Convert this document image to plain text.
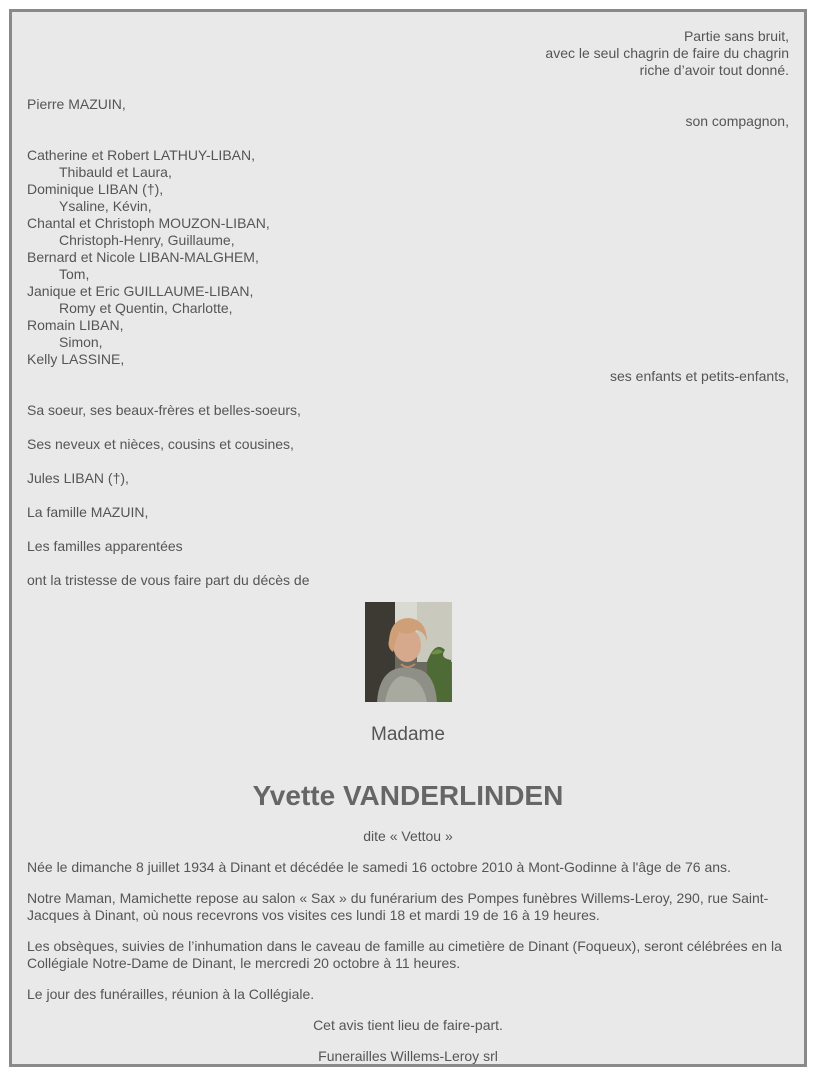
Partie sans bruit,

avec le seul chagrin de faire du chagrin

riche d’avoir tout donné.

Pierre MAZUIN,

son compagnon,

Catherine et Robert LATHUY-LIBAN,

Thibauld et Laura,

Dominique LIBAN (†),

Ysaline, Kévin,

Chantal et Christoph MOUZON-LIBAN,

Christoph-Henry, Guillaume,

Bernard et Nicole LIBAN-MALGHEM,

Tom,

Janique et Eric GUILLAUME-LIBAN,

Romy et Quentin, Charlotte,

Romain LIBAN,

Simon,

Kelly LASSINE,

ses enfants et petits-enfants,

Sa soeur, ses beaux-frères et belles-soeurs,

Ses neveux et nièces, cousins et cousines,

Jules LIBAN (†),

La famille MAZUIN,

Les familles apparentées

ont la tristesse de vous faire part du décès de

Madame

Yvette VANDERLINDEN

dite « Vettou »

Née le dimanche 8 juillet 1934 à Dinant et décédée le samedi 16 octobre 2010 à Mont-Godinne à l'âge de 76 ans.

Notre Maman, Mamichette repose au salon « Sax » du funérarium des Pompes funèbres Willems-Leroy, 290, rue Saint-Jacques à Dinant, où nous recevrons vos visites ces lundi 18 et mardi 19 de 16 à 19 heures.

Les obsèques, suivies de l’inhumation dans le caveau de famille au cimetière de Dinant (Foqueux), seront célébrées en la Collégiale Notre-Dame de Dinant, le mercredi 20 octobre à 11 heures.

Le jour des funérailles, réunion à la Collégiale.

Cet avis tient lieu de faire-part.

Funerailles Willems-Leroy srl
